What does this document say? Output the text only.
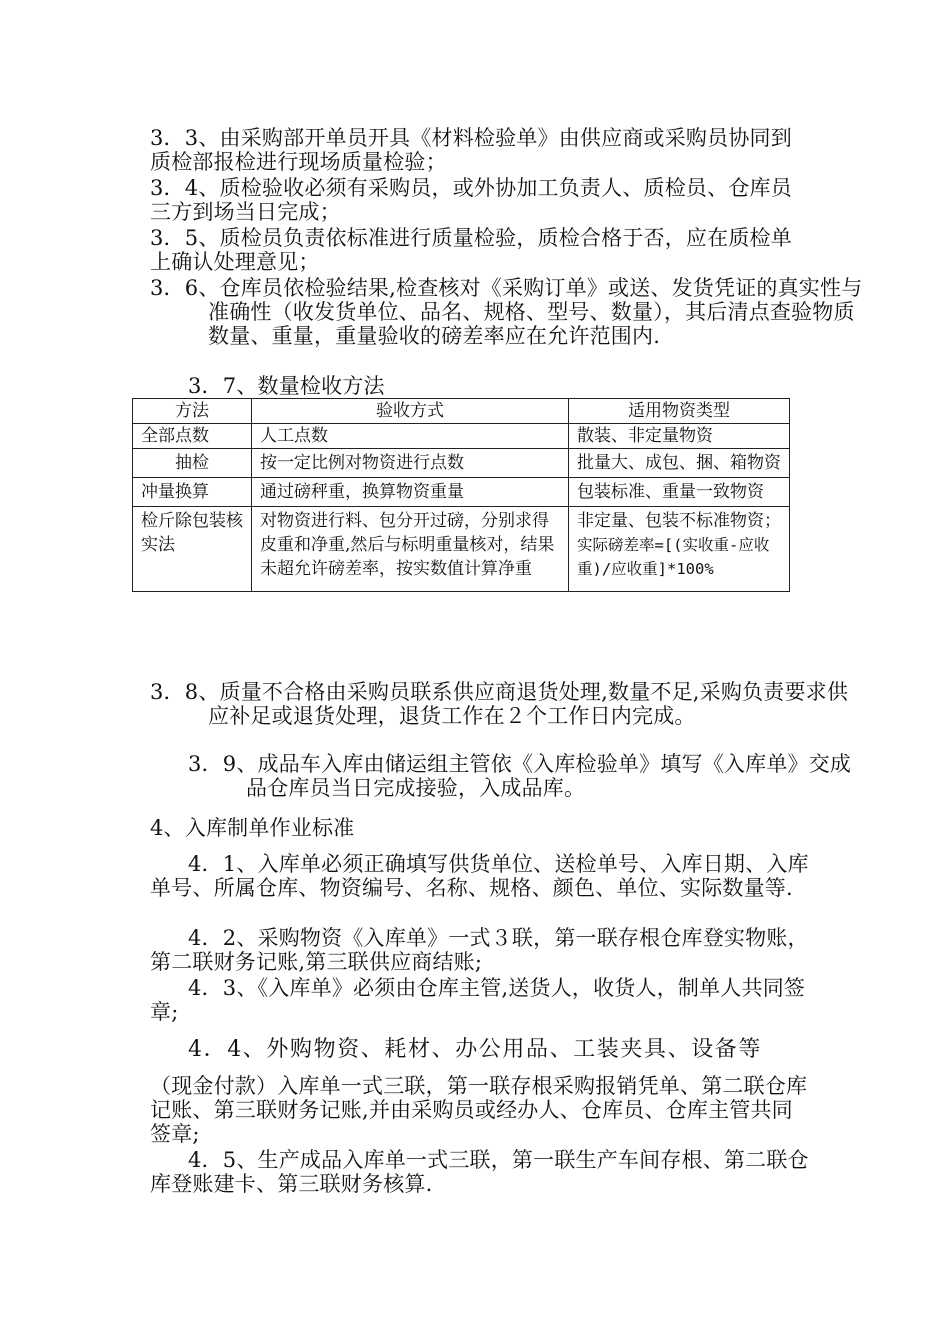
3．3、由采购部开单员开具《材料检验单》由供应商或采购员协同到质检部报检进行现场质量检验；

3．4、质检验收必须有采购员，或外协加工负责人、质检员、仓库员三方到场当日完成；

3．5、质检员负责依标准进行质量检验，质检合格于否，应在质检单上确认处理意见；

3．6、仓库员依检验结果,检查核对《采购订单》或送、发货凭证的真实性与准确性（收发货单位、品名、规格、型号、数量），其后清点查验物质数量、重量，重量验收的磅差率应在允许范围内.

3．7、数量检收方法

方法	验收方式	适用物资类型
全部点数	人工点数	散装、非定量物资
抽检	按一定比例对物资进行点数	批量大、成包、捆、箱物资
冲量换算	通过磅秤重，换算物资重量	包装标准、重量一致物资
检斤除包装核实法	对物资进行料、包分开过磅，分别求得皮重和净重,然后与标明重量核对，结果未超允许磅差率，按实数值计算净重	非定量、包装不标准物资；
实际磅差率=[(实收重-应收重)/应收重]*100%

3．8、质量不合格由采购员联系供应商退货处理,数量不足,采购负责要求供应补足或退货处理，退货工作在２个工作日内完成。

3．9、成品车入库由储运组主管依《入库检验单》填写《入库单》交成品仓库员当日完成接验，入成品库。

4、入库制单作业标准

4．1、入库单必须正确填写供货单位、送检单号、入库日期、入库单号、所属仓库、物资编号、名称、规格、颜色、单位、实际数量等.

4．2、采购物资《入库单》一式３联，第一联存根仓库登实物账，第二联财务记账,第三联供应商结账;

4．3、《入库单》必须由仓库主管,送货人，收货人，制单人共同签章;

4．4、外购物资、耗材、办公用品、工装夹具、设备等

（现金付款）入库单一式三联，第一联存根采购报销凭单、第二联仓库记账、第三联财务记账,并由采购员或经办人、仓库员、仓库主管共同签章;

4．5、生产成品入库单一式三联，第一联生产车间存根、第二联仓库登账建卡、第三联财务核算.
